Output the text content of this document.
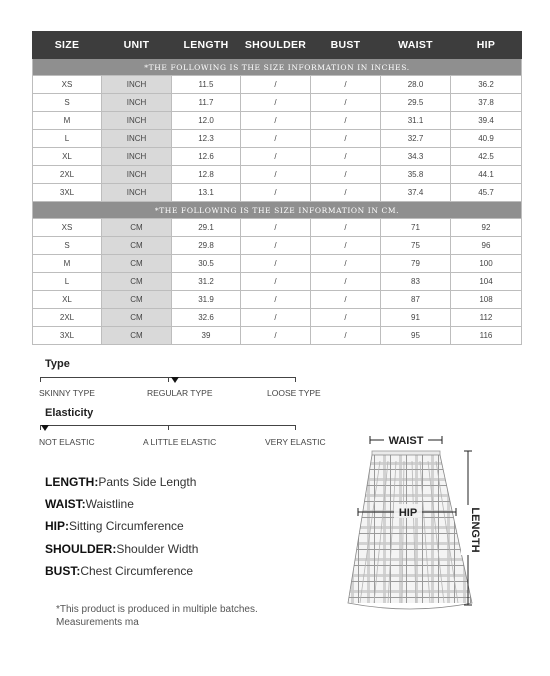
SIZE	UNIT	LENGTH	SHOULDER	BUST	WAIST	HIP
*THE FOLLOWING IS THE SIZE INFORMATION IN INCHES.						
XS	INCH	11.5	/	/	28.0	36.2
S	INCH	11.7	/	/	29.5	37.8
M	INCH	12.0	/	/	31.1	39.4
L	INCH	12.3	/	/	32.7	40.9
XL	INCH	12.6	/	/	34.3	42.5
2XL	INCH	12.8	/	/	35.8	44.1
3XL	INCH	13.1	/	/	37.4	45.7
*THE FOLLOWING IS THE SIZE INFORMATION IN CM.						
XS	CM	29.1	/	/	71	92
S	CM	29.8	/	/	75	96
M	CM	30.5	/	/	79	100
L	CM	31.2	/	/	83	104
XL	CM	31.9	/	/	87	108
2XL	CM	32.6	/	/	91	112
3XL	CM	39	/	/	95	116
Type
SKINNY TYPE	REGULAR TYPE	LOOSE TYPE
Elasticity
NOT ELASTIC	A LITTLE ELASTIC	VERY ELASTIC
LENGTH:Pants Side Length
WAIST:Waistline
HIP:Sitting Circumference
SHOULDER:Shoulder Width
BUST:Chest Circumference
*This product is produced in multiple batches.
Measurements ma
WAIST
HIP	LENGTH
